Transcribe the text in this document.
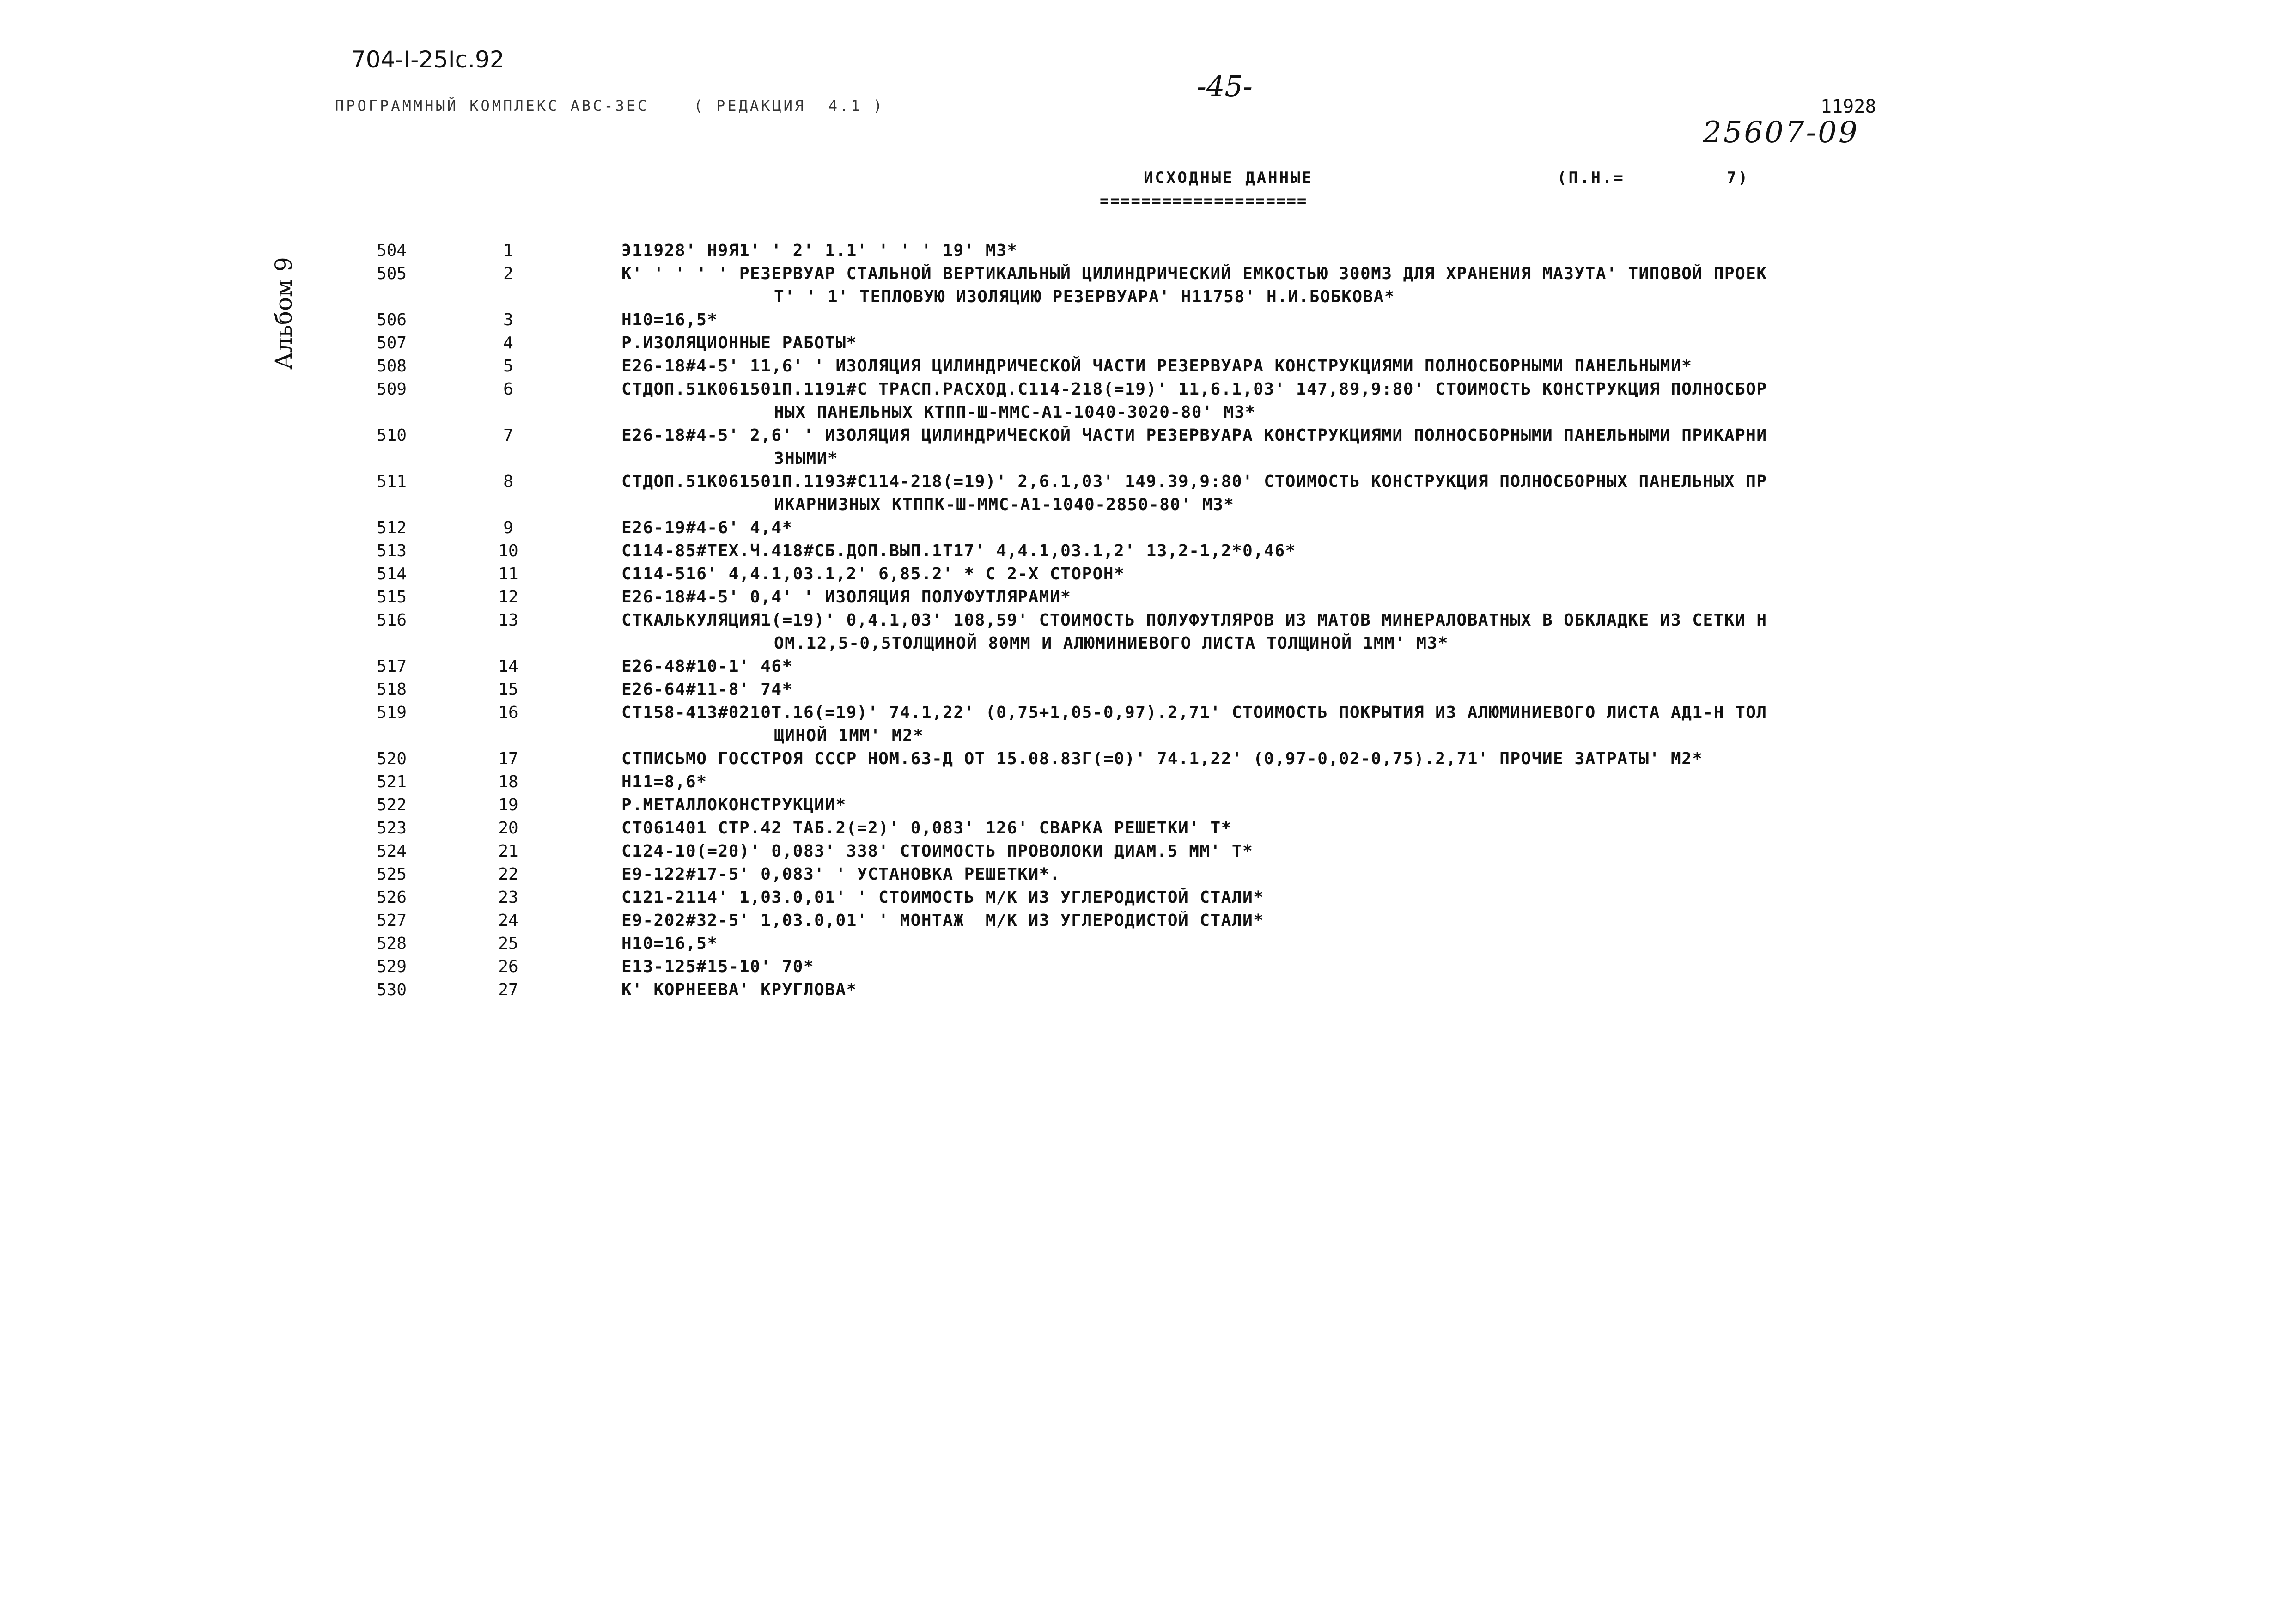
704-I-25Ic.92
ПРОГРАММНЫЙ КОМПЛЕКС АВС-3ЕС    ( РЕДАКЦИЯ  4.1 )
-45-
11928
25607-09
Альбом 9
ИСХОДНЫЕ ДАННЫЕ
====================
(П.Н.=         7)
504	1	Э11928' Н9Я1' ' 2' 1.1' ' ' ' 19' М3*
505	2	К' ' ' ' ' РЕЗЕРВУАР СТАЛЬНОЙ ВЕРТИКАЛЬНЫЙ ЦИЛИНДРИЧЕСКИЙ ЕМКОСТЬЮ 300М3 ДЛЯ ХРАНЕНИЯ МАЗУТА' ТИПОВОЙ ПРОЕК
Т' ' 1' ТЕПЛОВУЮ ИЗОЛЯЦИЮ РЕЗЕРВУАРА' Н11758' Н.И.БОБКОВА*
506	3	Н10=16,5*
507	4	Р.ИЗОЛЯЦИОННЫЕ РАБОТЫ*
508	5	Е26-18#4-5' 11,6' ' ИЗОЛЯЦИЯ ЦИЛИНДРИЧЕСКОЙ ЧАСТИ РЕЗЕРВУАРА КОНСТРУКЦИЯМИ ПОЛНОСБОРНЫМИ ПАНЕЛЬНЫМИ*
509	6	СТДОП.51К061501П.1191#С ТРАСП.РАСХОД.С114-218(=19)' 11,6.1,03' 147,89,9:80' СТОИМОСТЬ КОНСТРУКЦИЯ ПОЛНОСБОР
НЫХ ПАНЕЛЬНЫХ КТПП-Ш-ММС-А1-1040-3020-80' М3*
510	7	Е26-18#4-5' 2,6' ' ИЗОЛЯЦИЯ ЦИЛИНДРИЧЕСКОЙ ЧАСТИ РЕЗЕРВУАРА КОНСТРУКЦИЯМИ ПОЛНОСБОРНЫМИ ПАНЕЛЬНЫМИ ПРИКАРНИ
ЗНЫМИ*
511	8	СТДОП.51К061501П.1193#С114-218(=19)' 2,6.1,03' 149.39,9:80' СТОИМОСТЬ КОНСТРУКЦИЯ ПОЛНОСБОРНЫХ ПАНЕЛЬНЫХ ПР
ИКАРНИЗНЫХ КТППК-Ш-ММС-А1-1040-2850-80' М3*
512	9	Е26-19#4-6' 4,4*
513	10	С114-85#ТЕХ.Ч.418#СБ.ДОП.ВЫП.1Т17' 4,4.1,03.1,2' 13,2-1,2*0,46*
514	11	С114-516' 4,4.1,03.1,2' 6,85.2' * С 2-Х СТОРОН*
515	12	Е26-18#4-5' 0,4' ' ИЗОЛЯЦИЯ ПОЛУФУТЛЯРАМИ*
516	13	СТКАЛЬКУЛЯЦИЯ1(=19)' 0,4.1,03' 108,59' СТОИМОСТЬ ПОЛУФУТЛЯРОВ ИЗ МАТОВ МИНЕРАЛОВАТНЫХ В ОБКЛАДКЕ ИЗ СЕТКИ Н
ОМ.12,5-0,5ТОЛЩИНОЙ 80ММ И АЛЮМИНИЕВОГО ЛИСТА ТОЛЩИНОЙ 1ММ' М3*
517	14	Е26-48#10-1' 46*
518	15	Е26-64#11-8' 74*
519	16	СТ158-413#0210Т.16(=19)' 74.1,22' (0,75+1,05-0,97).2,71' СТОИМОСТЬ ПОКРЫТИЯ ИЗ АЛЮМИНИЕВОГО ЛИСТА АД1-Н ТОЛ
ЩИНОЙ 1ММ' М2*
520	17	СТПИСЬМО ГОССТРОЯ СССР НОМ.63-Д ОТ 15.08.83Г(=0)' 74.1,22' (0,97-0,02-0,75).2,71' ПРОЧИЕ ЗАТРАТЫ' М2*
521	18	Н11=8,6*
522	19	Р.МЕТАЛЛОКОНСТРУКЦИИ*
523	20	СТ061401 СТР.42 ТАБ.2(=2)' 0,083' 126' СВАРКА РЕШЕТКИ' Т*
524	21	С124-10(=20)' 0,083' 338' СТОИМОСТЬ ПРОВОЛОКИ ДИАМ.5 ММ' Т*
525	22	Е9-122#17-5' 0,083' ' УСТАНОВКА РЕШЕТКИ*.
526	23	С121-2114' 1,03.0,01' ' СТОИМОСТЬ М/К ИЗ УГЛЕРОДИСТОЙ СТАЛИ*
527	24	Е9-202#32-5' 1,03.0,01' ' МОНТАЖ  М/К ИЗ УГЛЕРОДИСТОЙ СТАЛИ*
528	25	Н10=16,5*
529	26	Е13-125#15-10' 70*
530	27	К' КОРНЕЕВА' КРУГЛОВА*
